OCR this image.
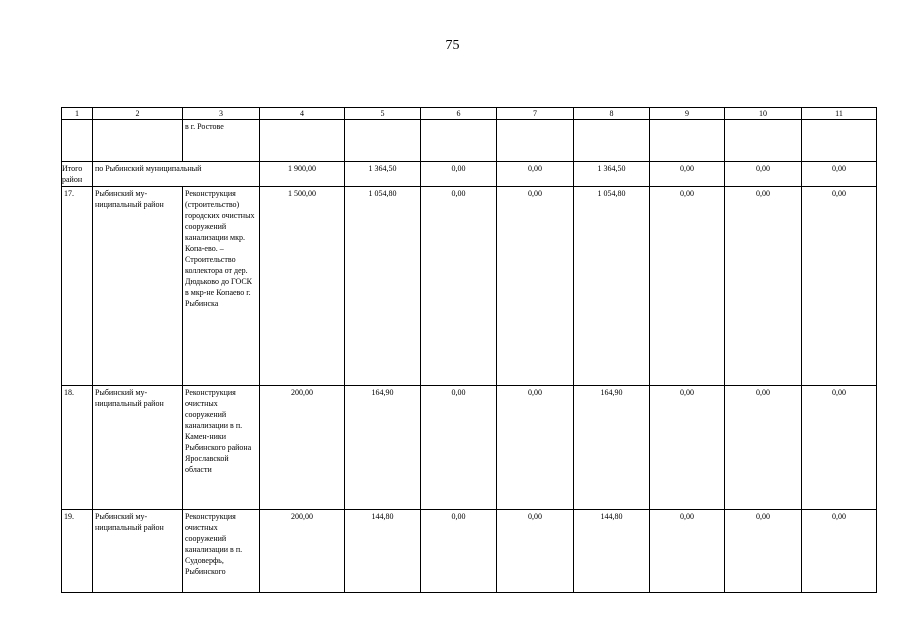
75
1	2	3	4	5	6	7	8	9	10	11
		в г. Ростове								
Итого район	по Рыбинский муниципальный		1 900,00	1 364,50	0,00	0,00	1 364,50	0,00	0,00	0,00
17.	Рыбинский му-ниципальный район	Реконструкция (строительство) городских очистных сооружений канализации мкр. Копа-ево. – Строительство коллектора от дер. Дюдьково до ГОСК в мкр-не Копаево г. Рыбинска	1 500,00	1 054,80	0,00	0,00	1 054,80	0,00	0,00	0,00
18.	Рыбинский му-ниципальный район	Реконструкция очистных сооружений канализации в п. Камен-ники Рыбинского района Ярославской области	200,00	164,90	0,00	0,00	164,90	0,00	0,00	0,00
19.	Рыбинский му-ниципальный район	Реконструкция очистных сооружений канализации в п. Судоверфь, Рыбинского	200,00	144,80	0,00	0,00	144,80	0,00	0,00	0,00
